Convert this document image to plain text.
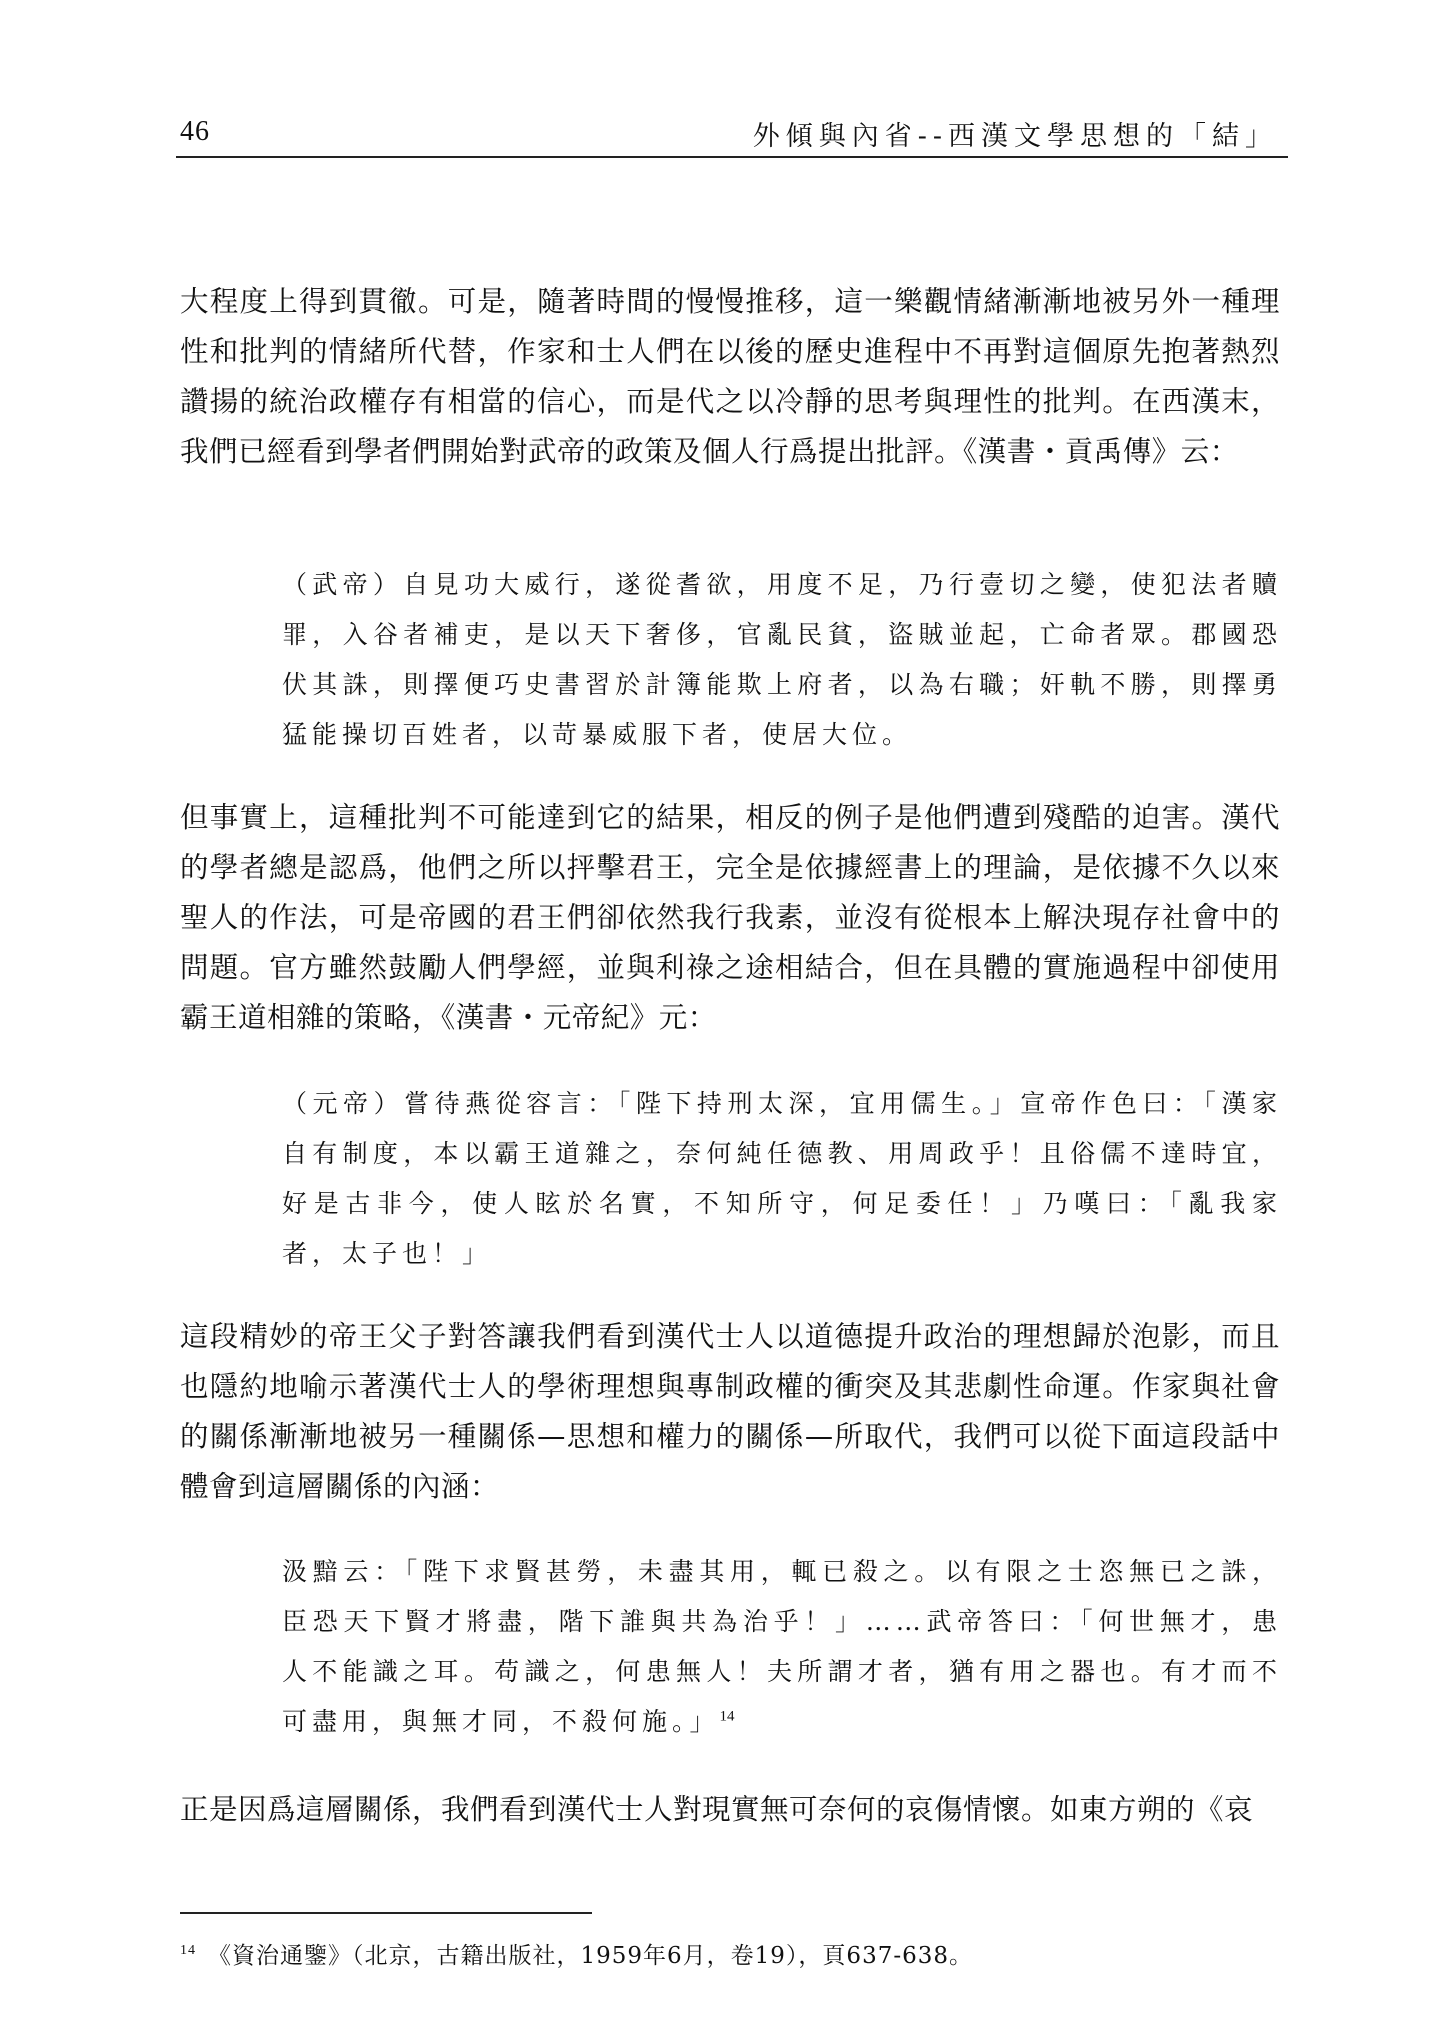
46	外傾與內省--西漢文學思想的「結」

大程度上得到貫徹。可是，隨著時間的慢慢推移，這一樂觀情緒漸漸地被另外一種理性和批判的情緒所代替，作家和士人們在以後的歷史進程中不再對這個原先抱著熱烈讚揚的統治政權存有相當的信心，而是代之以冷靜的思考與理性的批判。在西漢末，我們已經看到學者們開始對武帝的政策及個人行爲提出批評。《漢書・貢禹傳》云：

（武帝）自見功大威行，遂從耆欲，用度不足，乃行壹切之變，使犯法者贖罪，入谷者補吏，是以天下奢侈，官亂民貧，盜賊並起，亡命者眾。郡國恐伏其誅，則擇便巧史書習於計簿能欺上府者，以為右職；奸軌不勝，則擇勇猛能操切百姓者，以苛暴威服下者，使居大位。

但事實上，這種批判不可能達到它的結果，相反的例子是他們遭到殘酷的迫害。漢代的學者總是認爲，他們之所以抨擊君王，完全是依據經書上的理論，是依據不久以來聖人的作法，可是帝國的君王們卻依然我行我素，並沒有從根本上解決現存社會中的問題。官方雖然鼓勵人們學經，並與利祿之途相結合，但在具體的實施過程中卻使用霸王道相雜的策略，《漢書・元帝紀》元：

（元帝）嘗待燕從容言：「陛下持刑太深，宜用儒生。」宣帝作色曰：「漢家自有制度，本以霸王道雜之，奈何純任德教、用周政乎！且俗儒不達時宜，好是古非今，使人眩於名實，不知所守，何足委任！」乃嘆曰：「亂我家者，太子也！」

這段精妙的帝王父子對答讓我們看到漢代士人以道德提升政治的理想歸於泡影，而且也隱約地喻示著漢代士人的學術理想與專制政權的衝突及其悲劇性命運。作家與社會的關係漸漸地被另一種關係—思想和權力的關係—所取代，我們可以從下面這段話中體會到這層關係的內涵：

汲黯云：「陛下求賢甚勞，未盡其用，輒已殺之。以有限之士恣無已之誅，臣恐天下賢才將盡，階下誰與共為治乎！」……武帝答曰：「何世無才，患人不能識之耳。苟識之，何患無人！夫所謂才者，猶有用之器也。有才而不可盡用，與無才同，不殺何施。」$^{14}$

正是因爲這層關係，我們看到漢代士人對現實無可奈何的哀傷情懷。如東方朔的《哀

$^{14}$ 《資治通鑒》（北京，古籍出版社，1959年6月，卷19），頁637-638。
